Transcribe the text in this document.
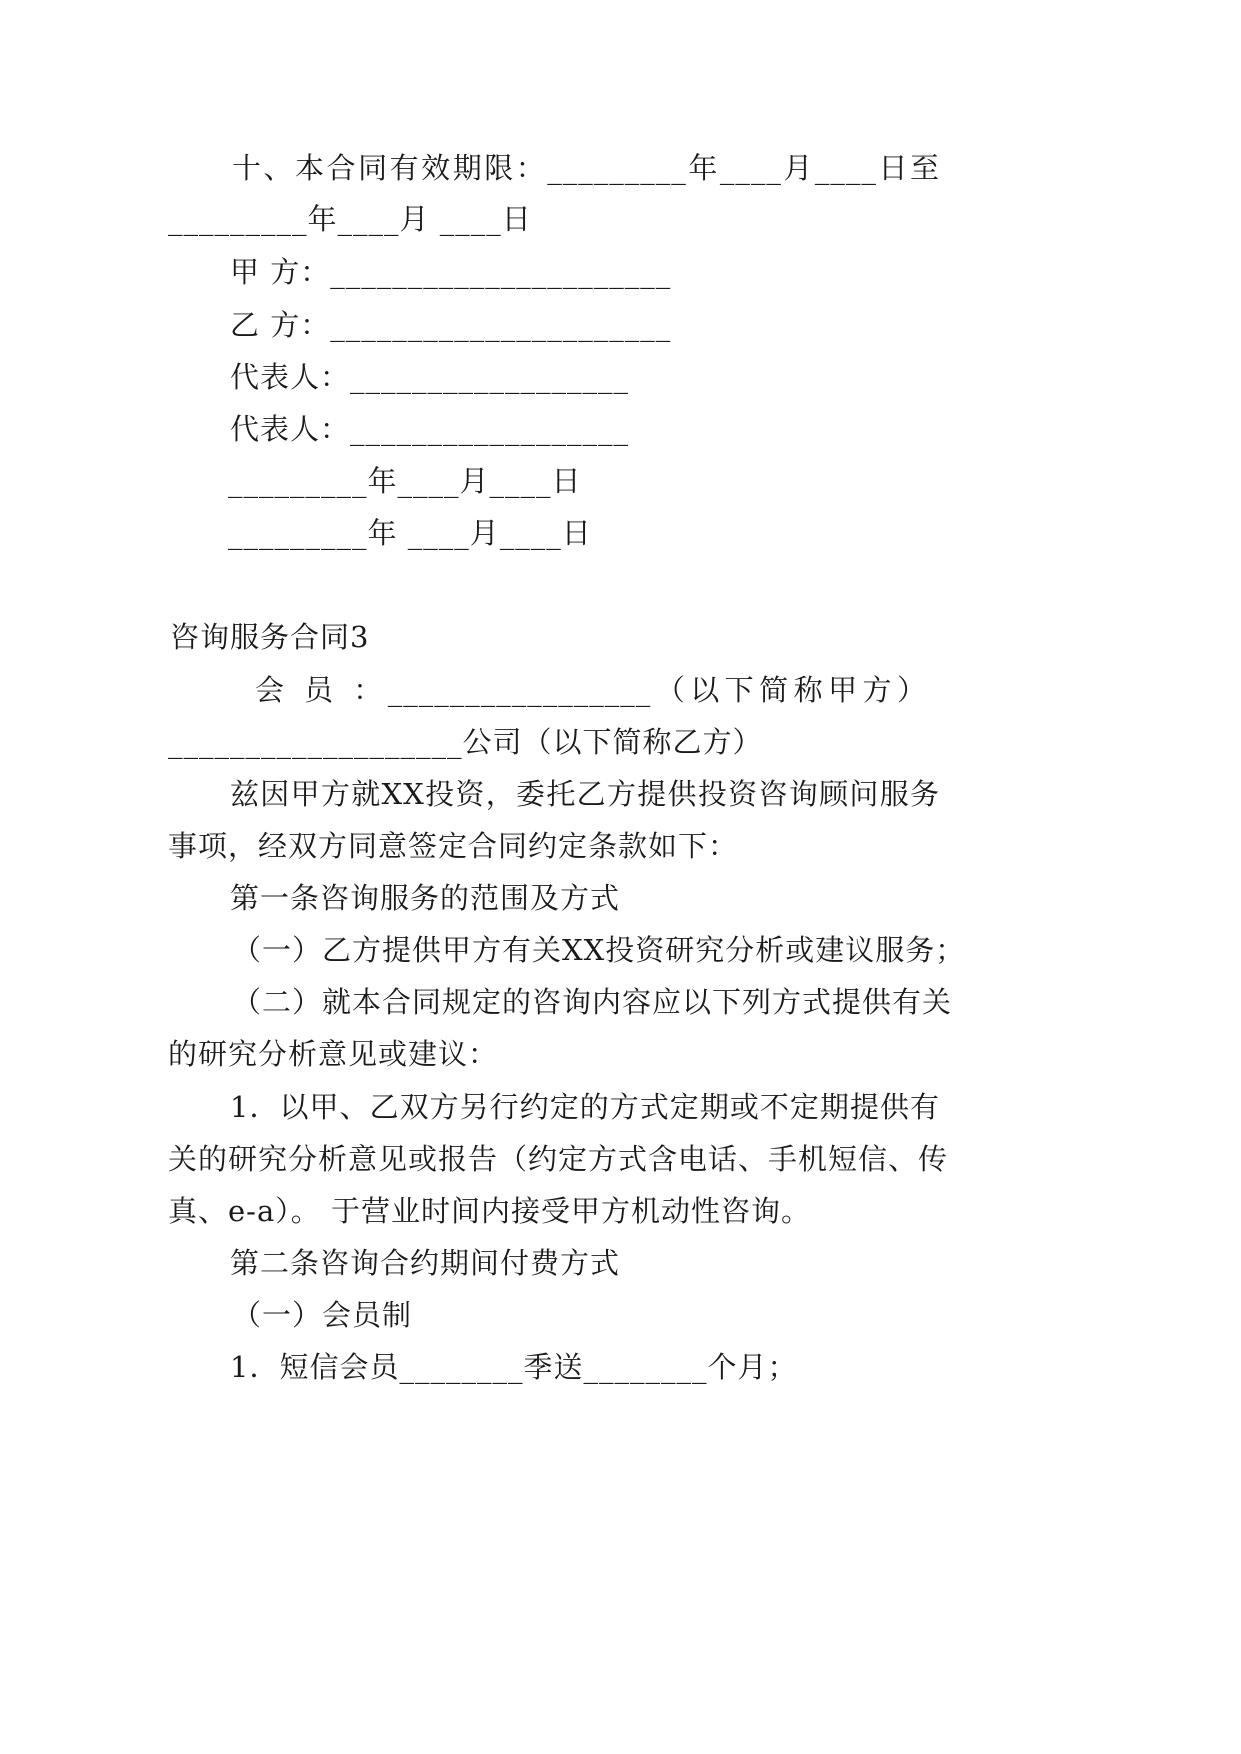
十、本合同有效期限：_________年____月____日至
_________年____月 ____日
甲 方：______________________
乙 方：______________________
代表人：__________________
代表人：__________________
_________年____月____日
_________年 ____月____日
咨询服务合同3
会 员 ：_________________（以下简称甲方）
___________________公司（以下简称乙方）
兹因甲方就XX投资，委托乙方提供投资咨询顾问服务
事项，经双方同意签定合同约定条款如下：
第一条咨询服务的范围及方式
（一）乙方提供甲方有关XX投资研究分析或建议服务；
（二）就本合同规定的咨询内容应以下列方式提供有关
的研究分析意见或建议：
1．以甲、乙双方另行约定的方式定期或不定期提供有
关的研究分析意见或报告（约定方式含电话、手机短信、传
真、e-a）。 于营业时间内接受甲方机动性咨询。
第二条咨询合约期间付费方式
（一）会员制
1．短信会员________季送________个月；
